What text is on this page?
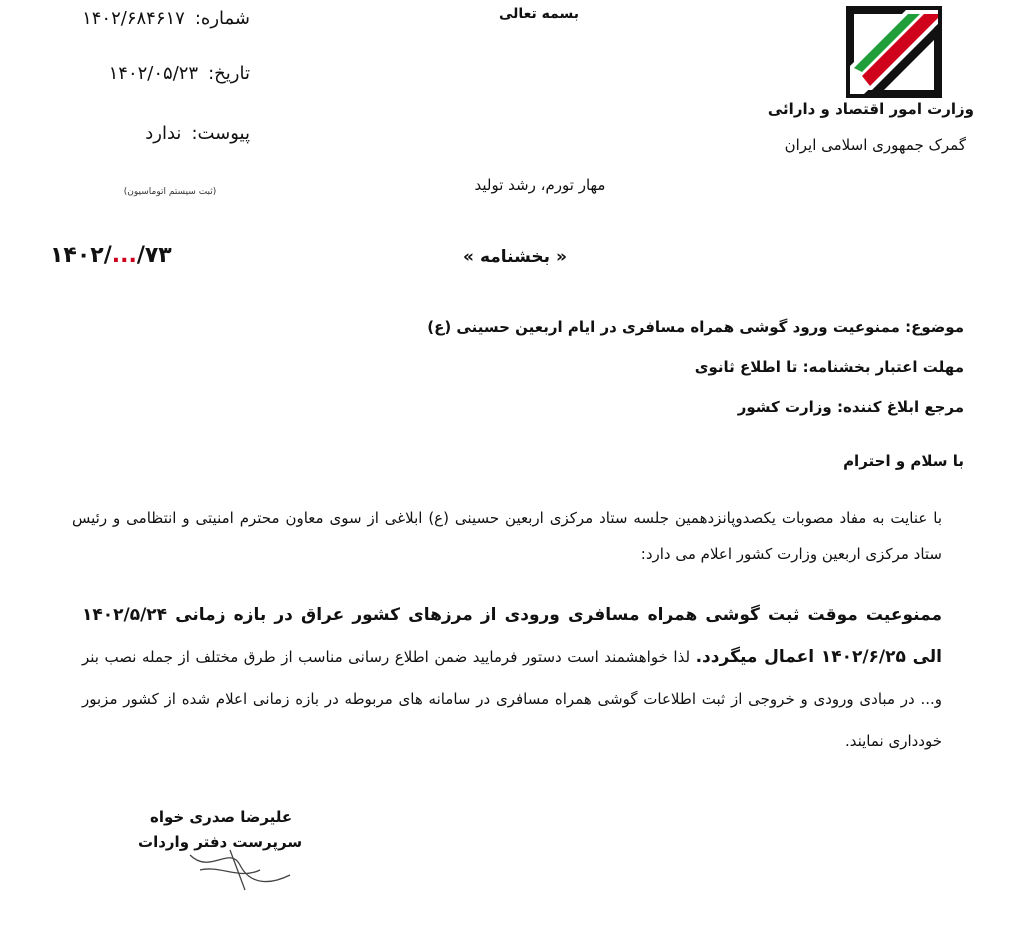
وزارت امور اقتصاد و دارائی
گمرک جمهوری اسلامی ایران
بسمه تعالی
مهار تورم، رشد تولید
« بخشنامه »
شماره:
۱۴۰۲/۶۸۴۶۱۷
تاریخ:
۱۴۰۲/۰۵/۲۳
پیوست:
ندارد
(ثبت سیستم اتوماسیون)
۱۴۰۲/.../۷۳
موضوع: ممنوعیت ورود گوشی همراه مسافری در ایام اربعین حسینی (ع)
مهلت اعتبار بخشنامه: تا اطلاع ثانوی
مرجع ابلاغ کننده: وزارت کشور
با سلام و احترام
با عنایت به مفاد مصوبات یکصدوپانزدهمین جلسه ستاد مرکزی اربعین حسینی (ع) ابلاغی از سوی معاون محترم امنیتی و انتظامی و رئیس ستاد مرکزی اربعین وزارت کشور اعلام می دارد:
ممنوعیت موقت ثبت گوشی همراه مسافری ورودی از مرزهای کشور عراق در بازه زمانی ۱۴۰۲/۵/۲۴ الی ۱۴۰۲/۶/۲۵ اعمال میگردد. لذا خواهشمند است دستور فرمایید ضمن اطلاع رسانی مناسب از طرق مختلف از جمله نصب بنر و... در مبادی ورودی و خروجی از ثبت اطلاعات گوشی همراه مسافری در سامانه های مربوطه در بازه زمانی اعلام شده از کشور مزبور خودداری نمایند.
علیرضا صدری خواه
سرپرست دفتر واردات
